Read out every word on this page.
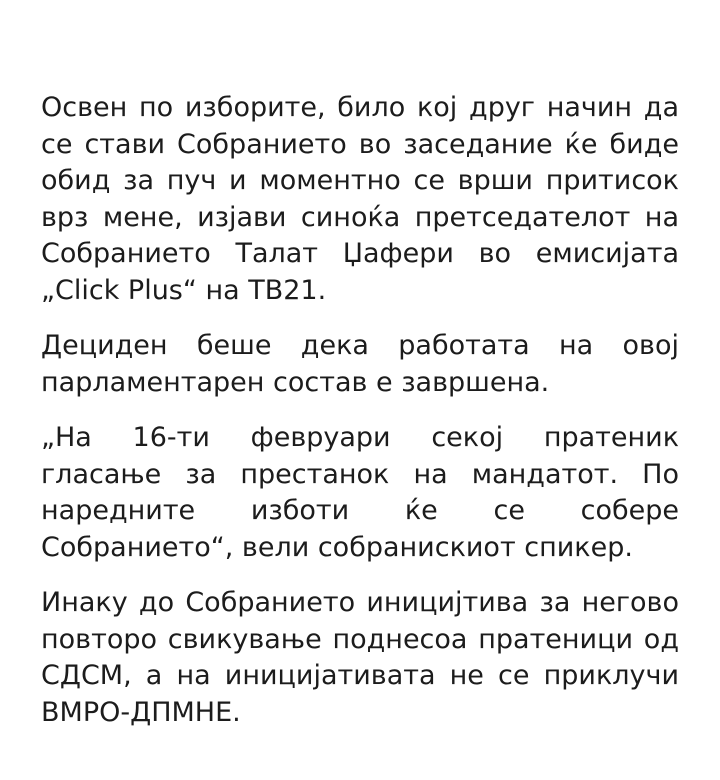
Освен по изборите, било кој друг начин да се стави Собранието во заседание ќе биде обид за пуч и моментно се врши притисок врз мене, изјави синоќа претседателот на Собранието Талат Џафери во емисијата „Click Plus“ на ТВ21.

Дециден беше дека работата на овој парламентарен состав е завршена.

„На 16-ти февруари секој пратеник гласање за престанок на мандатот. По наредните изботи ќе се собере Собранието“, вели собранискиот спикер.

Инаку до Собранието иницијтива за негово повторо свикување поднесоа пратеници од СДСМ, а на иницијативата не се приклучи ВМРО-ДПМНЕ.
